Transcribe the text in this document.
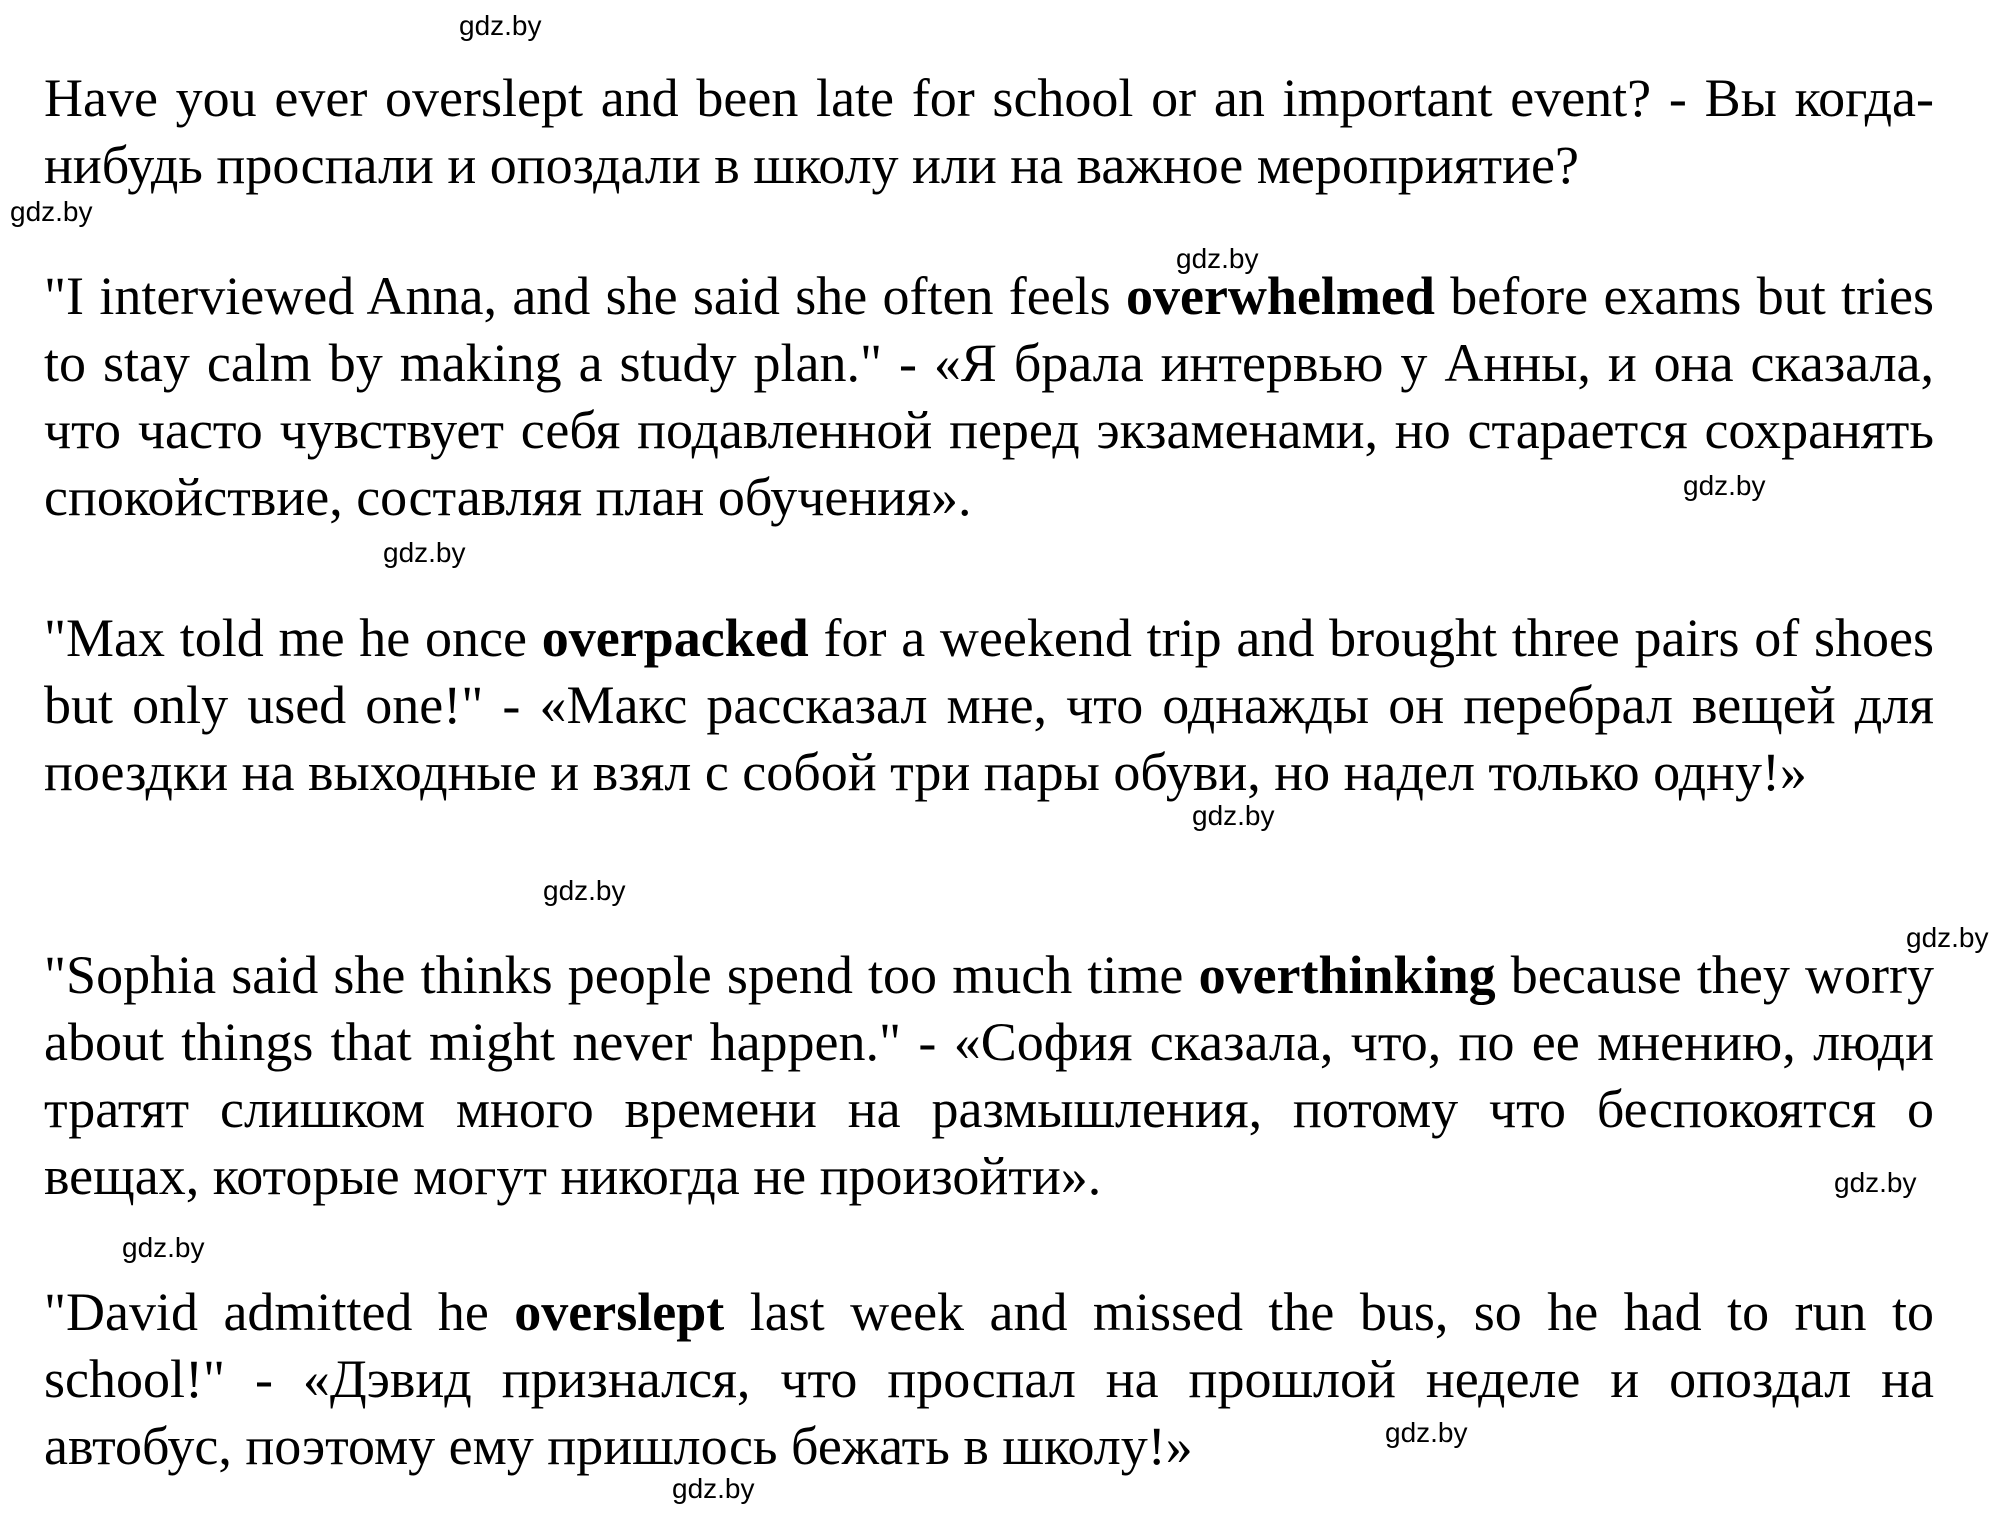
Have you ever overslept and been late for school or an important event? - Вы когда-нибудь проспали и опоздали в школу или на важное мероприятие?

"I interviewed Anna, and she said she often feels overwhelmed before exams but tries to stay calm by making a study plan." - «Я брала интервью у Анны, и она сказала, что часто чувствует себя подавленной перед экзаменами, но старается сохранять спокойствие, составляя план обучения».

"Max told me he once overpacked for a weekend trip and brought three pairs of shoes but only used one!" - «Макс рассказал мне, что однажды он перебрал вещей для поездки на выходные и взял с собой три пары обуви, но надел только одну!»

"Sophia said she thinks people spend too much time overthinking because they worry about things that might never happen." - «София сказала, что, по ее мнению, люди тратят слишком много времени на размышления, потому что беспокоятся о вещах, которые могут никогда не произойти».

"David admitted he overslept last week and missed the bus, so he had to run to school!" - «Дэвид признался, что проспал на прошлой неделе и опоздал на автобус, поэтому ему пришлось бежать в школу!»

gdz.by
gdz.by
gdz.by
gdz.by
gdz.by
gdz.by
gdz.by
gdz.by
gdz.by
gdz.by
gdz.by
gdz.by
